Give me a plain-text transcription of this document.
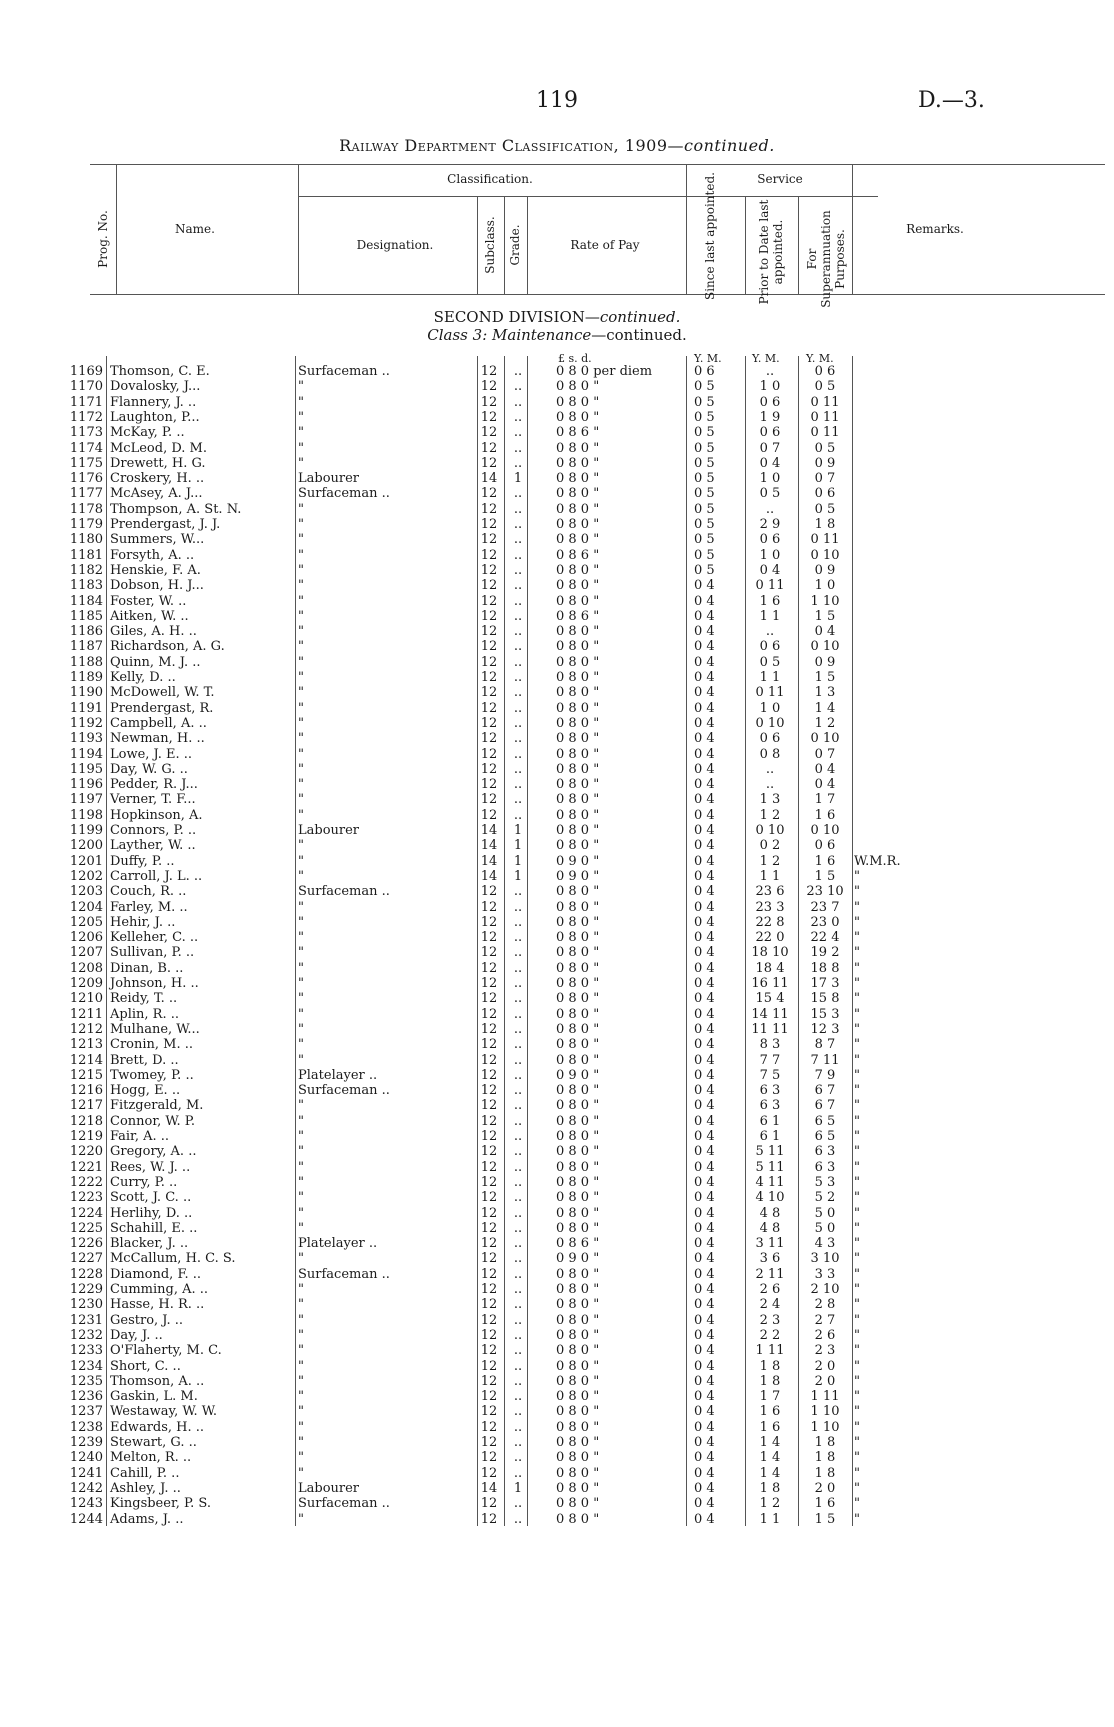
119	D.—3.
Railway Department Classification, 1909—continued.
Prog. No.	Name.
Classification.
Designation.	Subclass. Grade.	Rate of Pay
Service
Since last appointed.	Prior to Date last appointed. For Superannuation Purposes.
Remarks.
SECOND DIVISION—continued.
Class 3: Maintenance—continued.
£ s. d.	Y. M.	Y. M. Y. M.
1169 Thomson, C. E.	Surfaceman ..	12 ..	0 8 0 per diem	0 6	..	0 6
1170 Dovalosky, J...	"	12 ..	0 8 0 "	0 5	1 0	0 5
1171 Flannery, J. ..	"	12 ..	0 8 0 "	0 5	0 6	0 11
1172 Laughton, P...	"	12 ..	0 8 0 "	0 5	1 9	0 11
1173 McKay, P. ..	"	12 ..	0 8 6 "	0 5	0 6	0 11
1174 McLeod, D. M.	"	12 ..	0 8 0 "	0 5	0 7	0 5
1175 Drewett, H. G.	"	12 ..	0 8 0 "	0 5	0 4	0 9
1176 Croskery, H. ..	Labourer	14 1	0 8 0 "	0 5	1 0	0 7
1177 McAsey, A. J...	Surfaceman ..	12 ..	0 8 0 "	0 5	0 5	0 6
1178 Thompson, A. St. N.	"	12 ..	0 8 0 "	0 5	..	0 5
1179 Prendergast, J. J.	"	12 ..	0 8 0 "	0 5	2 9	1 8
1180 Summers, W...	"	12 ..	0 8 0 "	0 5	0 6	0 11
1181 Forsyth, A. ..	"	12 ..	0 8 6 "	0 5	1 0	0 10
1182 Henskie, F. A.	"	12 ..	0 8 0 "	0 5	0 4	0 9
1183 Dobson, H. J...	"	12 ..	0 8 0 "	0 4	0 11	1 0
1184 Foster, W. ..	"	12 ..	0 8 0 "	0 4	1 6	1 10
1185 Aitken, W. ..	"	12 ..	0 8 6 "	0 4	1 1	1 5
1186 Giles, A. H. ..	"	12 ..	0 8 0 "	0 4	..	0 4
1187 Richardson, A. G.	"	12 ..	0 8 0 "	0 4	0 6	0 10
1188 Quinn, M. J. ..	"	12 ..	0 8 0 "	0 4	0 5	0 9
1189 Kelly, D. ..	"	12 ..	0 8 0 "	0 4	1 1	1 5
1190 McDowell, W. T.	"	12 ..	0 8 0 "	0 4	0 11	1 3
1191 Prendergast, R.	"	12 ..	0 8 0 "	0 4	1 0	1 4
1192 Campbell, A. ..	"	12 ..	0 8 0 "	0 4	0 10	1 2
1193 Newman, H. ..	"	12 ..	0 8 0 "	0 4	0 6	0 10
1194 Lowe, J. E. ..	"	12 ..	0 8 0 "	0 4	0 8	0 7
1195 Day, W. G. ..	"	12 ..	0 8 0 "	0 4	..	0 4
1196 Pedder, R. J...	"	12 ..	0 8 0 "	0 4	..	0 4
1197 Verner, T. F...	"	12 ..	0 8 0 "	0 4	1 3	1 7
1198 Hopkinson, A.	"	12 ..	0 8 0 "	0 4	1 2	1 6
1199 Connors, P. ..	Labourer	14 1	0 8 0 "	0 4	0 10	0 10
1200 Layther, W. ..	"	14 1	0 8 0 "	0 4	0 2	0 6
1201 Duffy, P. ..	"	14 1	0 9 0 "	0 4	1 2	1 6	W.M.R.
1202 Carroll, J. L. ..	"	14 1	0 9 0 "	0 4	1 1	1 5	"
1203 Couch, R. ..	Surfaceman ..	12 ..	0 8 0 "	0 4	23 6	23 10 "
1204 Farley, M. ..	"	12 ..	0 8 0 "	0 4	23 3	23 7	"
1205 Hehir, J. ..	"	12 ..	0 8 0 "	0 4	22 8	23 0	"
1206 Kelleher, C. ..	"	12 ..	0 8 0 "	0 4	22 0	22 4	"
1207 Sullivan, P. ..	"	12 ..	0 8 0 "	0 4	18 10	19 2	"
1208 Dinan, B. ..	"	12 ..	0 8 0 "	0 4	18 4	18 8	"
1209 Johnson, H. ..	"	12 ..	0 8 0 "	0 4	16 11	17 3	"
1210 Reidy, T. ..	"	12 ..	0 8 0 "	0 4	15 4	15 8	"
1211 Aplin, R. ..	"	12 ..	0 8 0 "	0 4	14 11	15 3	"
1212 Mulhane, W...	"	12 ..	0 8 0 "	0 4	11 11	12 3	"
1213 Cronin, M. ..	"	12 ..	0 8 0 "	0 4	8 3	8 7	"
1214 Brett, D. ..	"	12 ..	0 8 0 "	0 4	7 7	7 11	"
1215 Twomey, P. ..	Platelayer ..	12 ..	0 9 0 "	0 4	7 5	7 9	"
1216 Hogg, E. ..	Surfaceman ..	12 ..	0 8 0 "	0 4	6 3	6 7	"
1217 Fitzgerald, M.	"	12 ..	0 8 0 "	0 4	6 3	6 7	"
1218 Connor, W. P.	"	12 ..	0 8 0 "	0 4	6 1	6 5	"
1219 Fair, A. ..	"	12 ..	0 8 0 "	0 4	6 1	6 5	"
1220 Gregory, A. ..	"	12 ..	0 8 0 "	0 4	5 11	6 3	"
1221 Rees, W. J. ..	"	12 ..	0 8 0 "	0 4	5 11	6 3	"
1222 Curry, P. ..	"	12 ..	0 8 0 "	0 4	4 11	5 3	"
1223 Scott, J. C. ..	"	12 ..	0 8 0 "	0 4	4 10	5 2	"
1224 Herlihy, D. ..	"	12 ..	0 8 0 "	0 4	4 8	5 0	"
1225 Schahill, E. ..	"	12 ..	0 8 0 "	0 4	4 8	5 0	"
1226 Blacker, J. ..	Platelayer ..	12 ..	0 8 6 "	0 4	3 11	4 3	"
1227 McCallum, H. C. S.	"	12 ..	0 9 0 "	0 4	3 6	3 10	"
1228 Diamond, F. ..	Surfaceman ..	12 ..	0 8 0 "	0 4	2 11	3 3	"
1229 Cumming, A. ..	"	12 ..	0 8 0 "	0 4	2 6	2 10	"
1230 Hasse, H. R. ..	"	12 ..	0 8 0 "	0 4	2 4	2 8	"
1231 Gestro, J. ..	"	12 ..	0 8 0 "	0 4	2 3	2 7	"
1232 Day, J. ..	"	12 ..	0 8 0 "	0 4	2 2	2 6	"
1233 O'Flaherty, M. C.	"	12 ..	0 8 0 "	0 4	1 11	2 3	"
1234 Short, C. ..	"	12 ..	0 8 0 "	0 4	1 8	2 0	"
1235 Thomson, A. ..	"	12 ..	0 8 0 "	0 4	1 8	2 0	"
1236 Gaskin, L. M.	"	12 ..	0 8 0 "	0 4	1 7	1 11	"
1237 Westaway, W. W.	"	12 ..	0 8 0 "	0 4	1 6	1 10	"
1238 Edwards, H. ..	"	12 ..	0 8 0 "	0 4	1 6	1 10	"
1239 Stewart, G. ..	"	12 ..	0 8 0 "	0 4	1 4	1 8	"
1240 Melton, R. ..	"	12 ..	0 8 0 "	0 4	1 4	1 8	"
1241 Cahill, P. ..	"	12 ..	0 8 0 "	0 4	1 4	1 8	"
1242 Ashley, J. ..	Labourer	14 1	0 8 0 "	0 4	1 8	2 0	"
1243 Kingsbeer, P. S.	Surfaceman ..	12 ..	0 8 0 "	0 4	1 2	1 6	"
1244 Adams, J. ..	"	12 ..	0 8 0 "	0 4	1 1	1 5	"
